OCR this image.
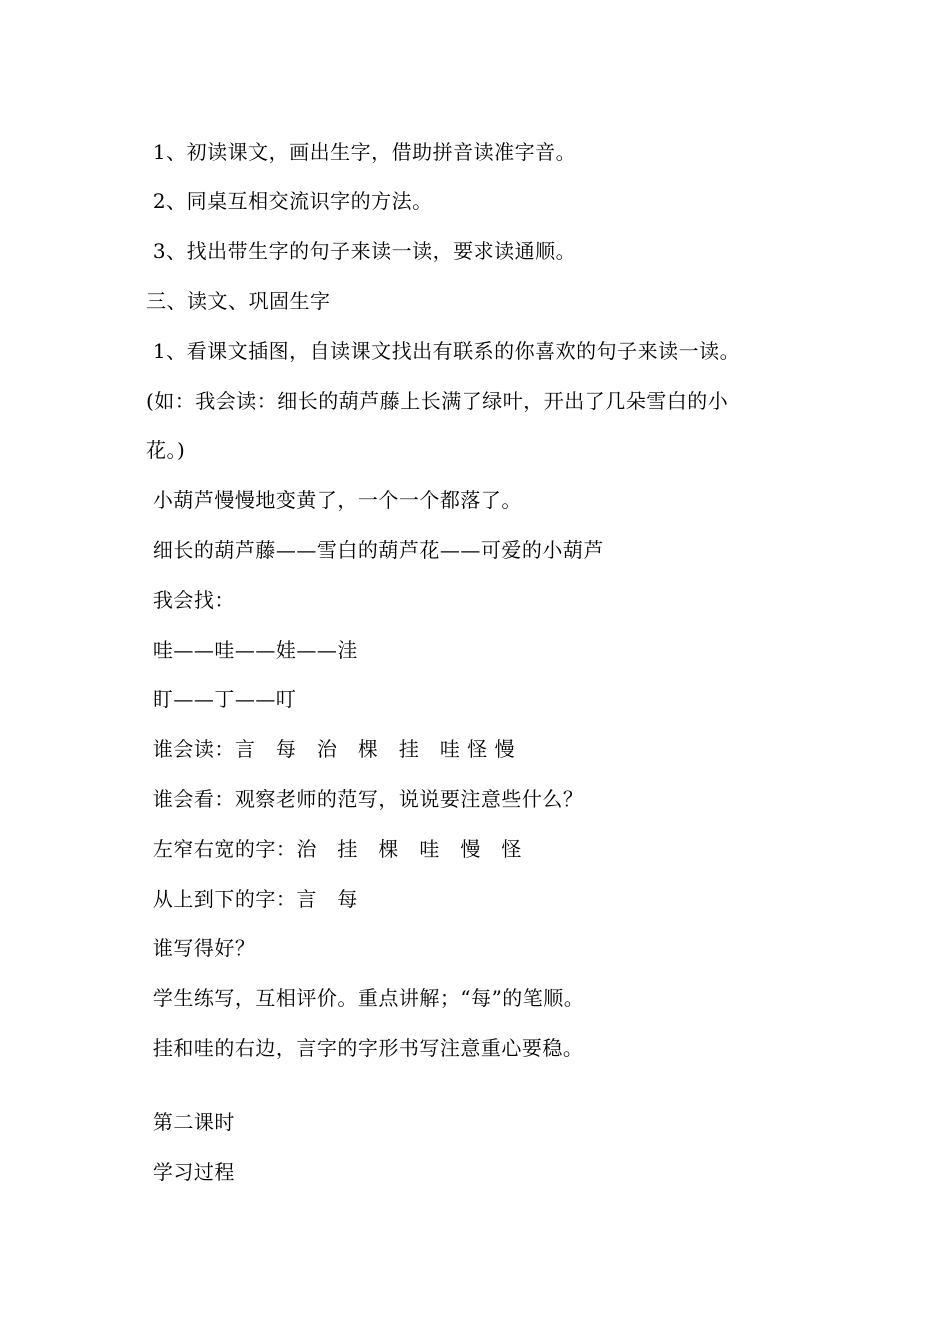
1、初读课文，画出生字，借助拼音读准字音。
2、同桌互相交流识字的方法。
3、找出带生字的句子来读一读，要求读通顺。
三、读文、巩固生字
1、看课文插图，自读课文找出有联系的你喜欢的句子来读一读。
(如：我会读：细长的葫芦藤上长满了绿叶，开出了几朵雪白的小
花。)
小葫芦慢慢地变黄了，一个一个都落了。
细长的葫芦藤——雪白的葫芦花——可爱的小葫芦
我会找：
哇——哇——娃——洼
盯——丁——叮
谁会读：言　每　治　棵　挂　哇 怪 慢
谁会看：观察老师的范写，说说要注意些什么？
左窄右宽的字：治　挂　棵　哇　慢　怪
从上到下的字：言　每
谁写得好？
学生练写，互相评价。重点讲解；“每”的笔顺。
挂和哇的右边，言字的字形书写注意重心要稳。
第二课时
学习过程
